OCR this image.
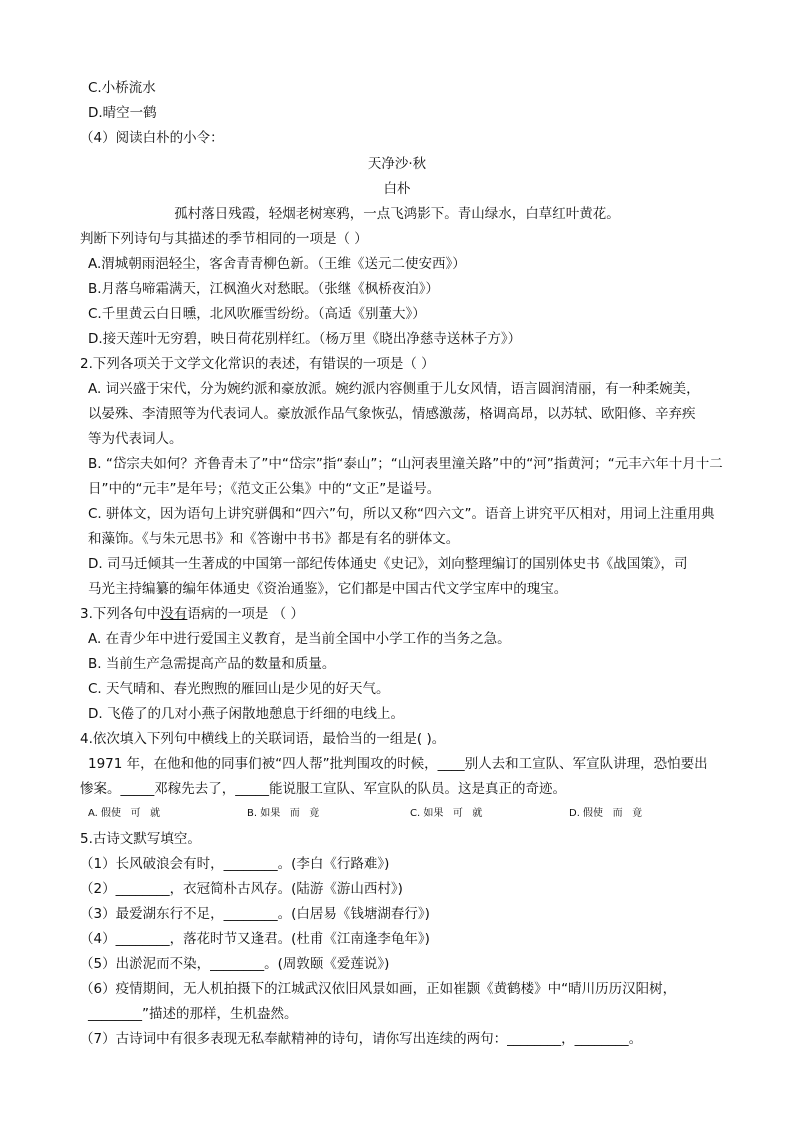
C.小桥流水
D.晴空一鹤
（4）阅读白朴的小令：
天净沙·秋
白朴
孤村落日残霞，轻烟老树寒鸦，一点飞鸿影下。青山绿水，白草红叶黄花。
判断下列诗句与其描述的季节相同的一项是（ ）
A.渭城朝雨浥轻尘，客舍青青柳色新。（王维《送元二使安西》）
B.月落乌啼霜满天，江枫渔火对愁眠。（张继《枫桥夜泊》）
C.千里黄云白日曛，北风吹雁雪纷纷。（高适《别董大》）
D.接天莲叶无穷碧，映日荷花别样红。（杨万里《晓出净慈寺送林子方》）
2.下列各项关于文学文化常识的表述，有错误的一项是（ ）
A. 词兴盛于宋代，分为婉约派和豪放派。婉约派内容侧重于儿女风情，语言圆润清丽，有一种柔婉美，
以晏殊、李清照等为代表词人。豪放派作品气象恢弘，情感激荡，格调高昂，以苏轼、欧阳修、辛弃疾
等为代表词人。
B. “岱宗夫如何？齐鲁青未了”中“岱宗”指“泰山”；“山河表里潼关路”中的“河”指黄河；“元丰六年十月十二
日”中的“元丰”是年号；《范文正公集》中的“文正”是谥号。
C. 骈体文，因为语句上讲究骈偶和“四六”句，所以又称“四六文”。语音上讲究平仄相对，用词上注重用典
和藻饰。《与朱元思书》和《答谢中书书》都是有名的骈体文。
D. 司马迁倾其一生著成的中国第一部纪传体通史《史记》，刘向整理编订的国别体史书《战国策》，司
马光主持编纂的编年体通史《资治通鉴》，它们都是中国古代文学宝库中的瑰宝。
3.下列各句中没有语病的一项是 （ ）
A. 在青少年中进行爱国主义教育，是当前全国中小学工作的当务之急。
B. 当前生产急需提高产品的数量和质量。
C. 天气晴和、春光煦煦的雁回山是少见的好天气。
D. 飞倦了的几对小燕子闲散地憩息于纤细的电线上。
4.依次填入下列句中横线上的关联词语，最恰当的一组是( )。
1971 年，在他和他的同事们被“四人帮”批判围攻的时候，____别人去和工宣队、军宣队讲理，恐怕要出
惨案。_____邓稼先去了，_____能说服工宣队、军宣队的队员。这是真正的奇迹。
A. 假使   可   就	B. 如果   而   竟	C. 如果   可   就	D. 假使   而   竟
5.古诗文默写填空。
（1）长风破浪会有时，________。(李白《行路难》)
（2）________，衣冠简朴古风存。(陆游《游山西村》)
（3）最爱湖东行不足，________。(白居易《钱塘湖春行》)
（4）________，落花时节又逢君。(杜甫《江南逢李龟年》)
（5）出淤泥而不染，________。(周敦颐《爱莲说》)
（6）疫情期间，无人机拍摄下的江城武汉依旧风景如画，正如崔颢《黄鹤楼》中“晴川历历汉阳树，
________”描述的那样，生机盎然。
（7）古诗词中有很多表现无私奉献精神的诗句，请你写出连续的两句：________，________。
